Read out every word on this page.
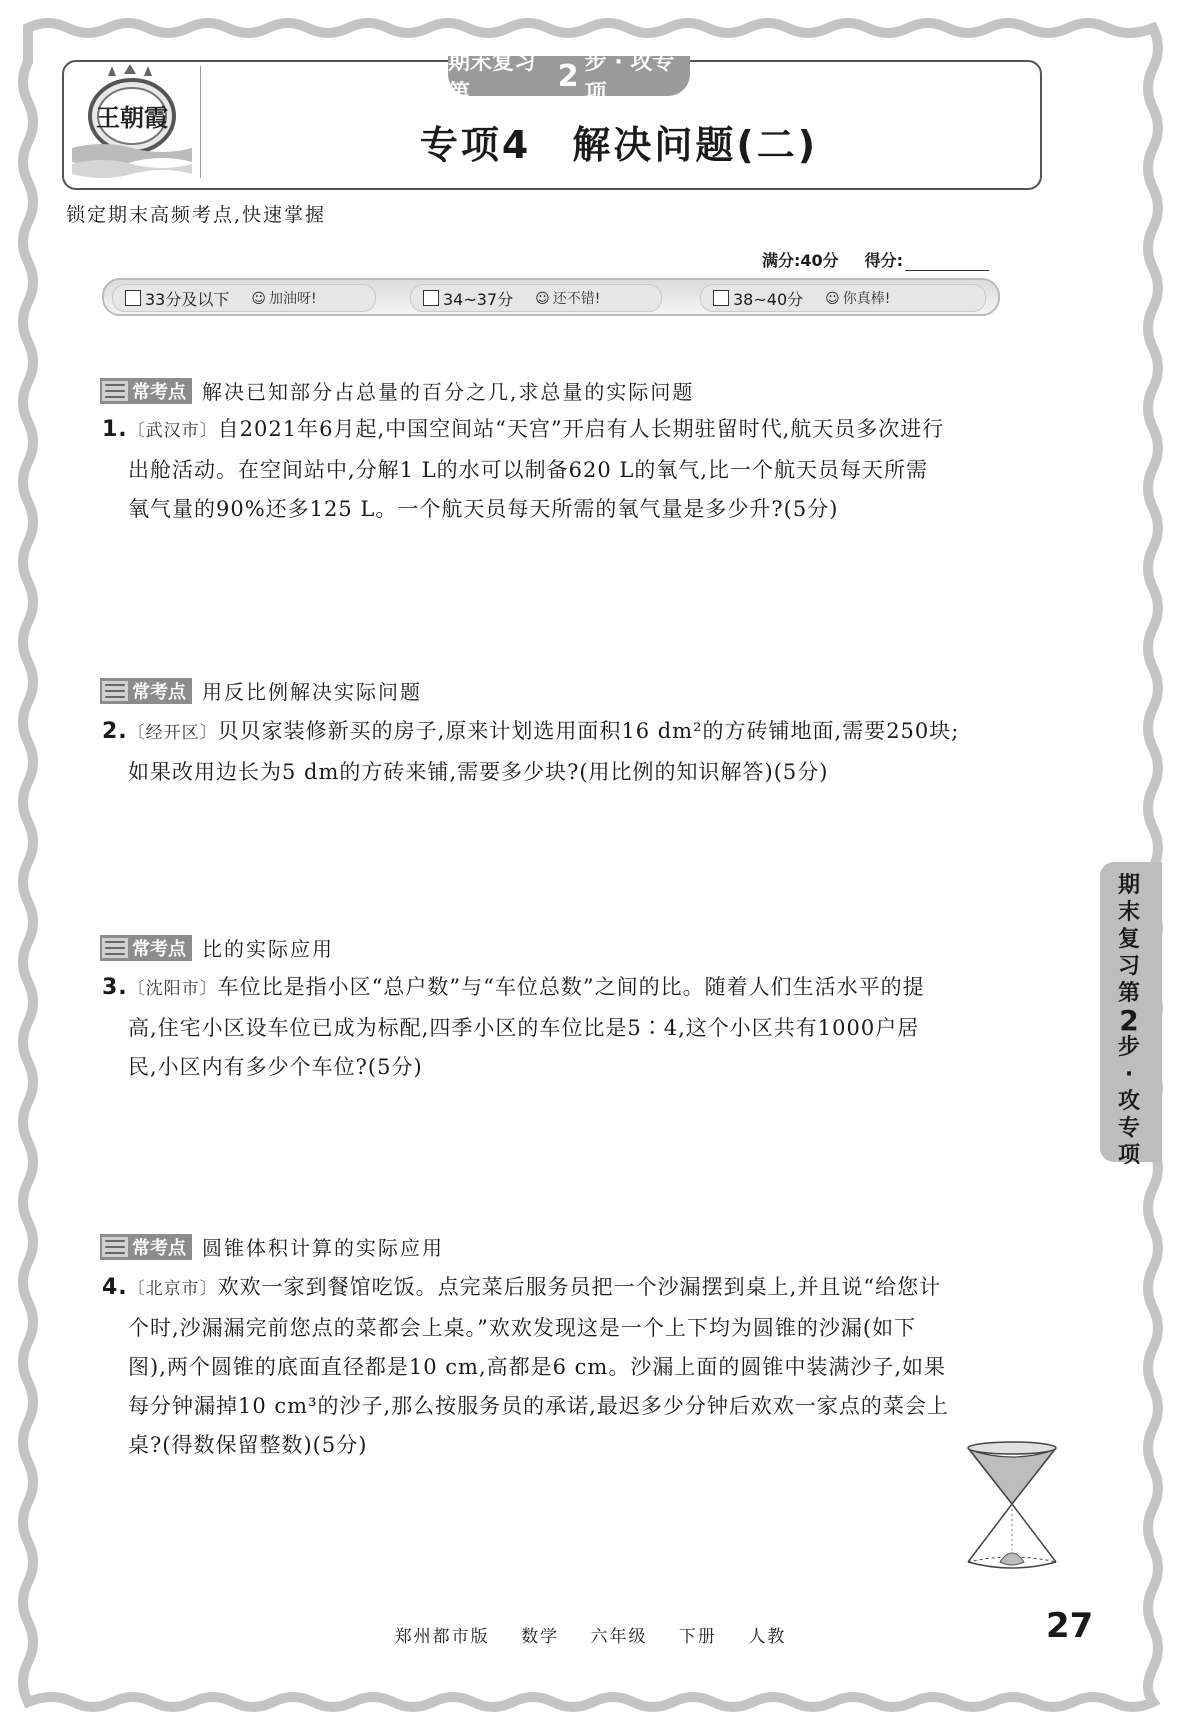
王朝霞
期末复习第	2 步 · 攻专项
专项4　解决问题(二)
锁定期末高频考点,快速掌握
满分:40分 得分:
33分及以下 ☺ 加油呀!	34~37分 ☺ 还不错!	38~40分 ☺ 你真棒!
常考点 解决已知部分占总量的百分之几,求总量的实际问题
1.〔武汉市〕自2021年6月起,中国空间站“天宫”开启有人长期驻留时代,航天员多次进行
出舱活动。在空间站中,分解1 L的水可以制备620 L的氧气,比一个航天员每天所需
氧气量的90%还多125 L。一个航天员每天所需的氧气量是多少升?(5分)
常考点 用反比例解决实际问题
2.〔经开区〕贝贝家装修新买的房子,原来计划选用面积16 dm²的方砖铺地面,需要250块;
如果改用边长为5 dm的方砖来铺,需要多少块?(用比例的知识解答)(5分)
常考点 比的实际应用
3.〔沈阳市〕车位比是指小区“总户数”与“车位总数”之间的比。随着人们生活水平的提
高,住宅小区设车位已成为标配,四季小区的车位比是5∶4,这个小区共有1000户居
民,小区内有多少个车位?(5分)
常考点 圆锥体积计算的实际应用
4.〔北京市〕欢欢一家到餐馆吃饭。点完菜后服务员把一个沙漏摆到桌上,并且说“给您计
个时,沙漏漏完前您点的菜都会上桌。”欢欢发现这是一个上下均为圆锥的沙漏(如下
图),两个圆锥的底面直径都是10 cm,高都是6 cm。沙漏上面的圆锥中装满沙子,如果
每分钟漏掉10 cm³的沙子,那么按服务员的承诺,最迟多少分钟后欢欢一家点的菜会上
桌?(得数保留整数)(5分)
期
末
复
习
第
2
步
·
攻
专
项
郑州都市版 数学 六年级 下册 人教	27
